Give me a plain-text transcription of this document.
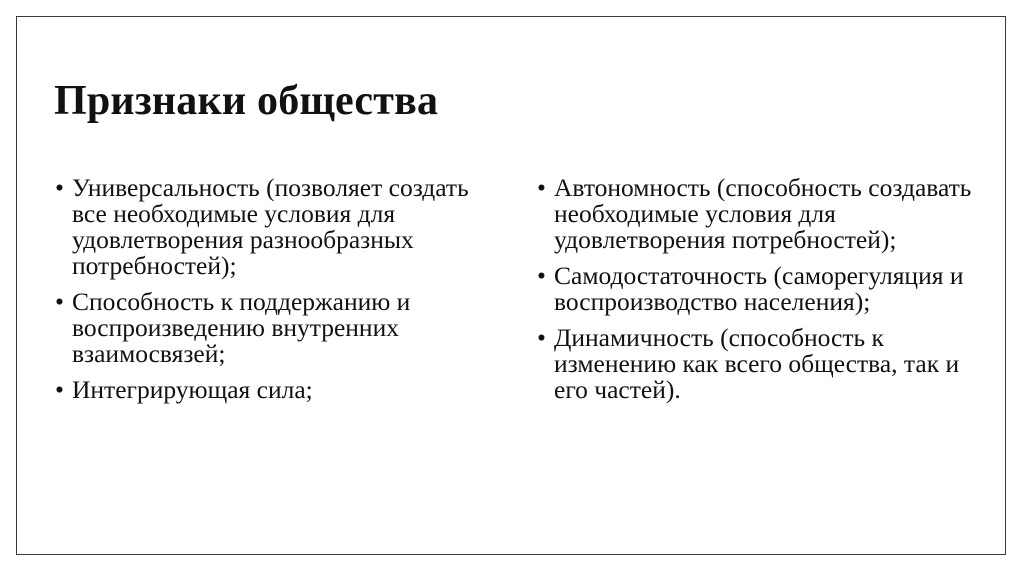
Признаки общества
• Универсальность (позволяет создать все необходимые условия для удовлетворения разнообразных потребностей);
• Способность к поддержанию и воспроизведению внутренних взаимосвязей;
• Интегрирующая сила;
• Автономность (способность создавать необходимые условия для удовлетворения потребностей);
• Самодостаточность (саморегуляция и воспроизводство населения);
• Динамичность (способность к изменению как всего общества, так и его частей).
